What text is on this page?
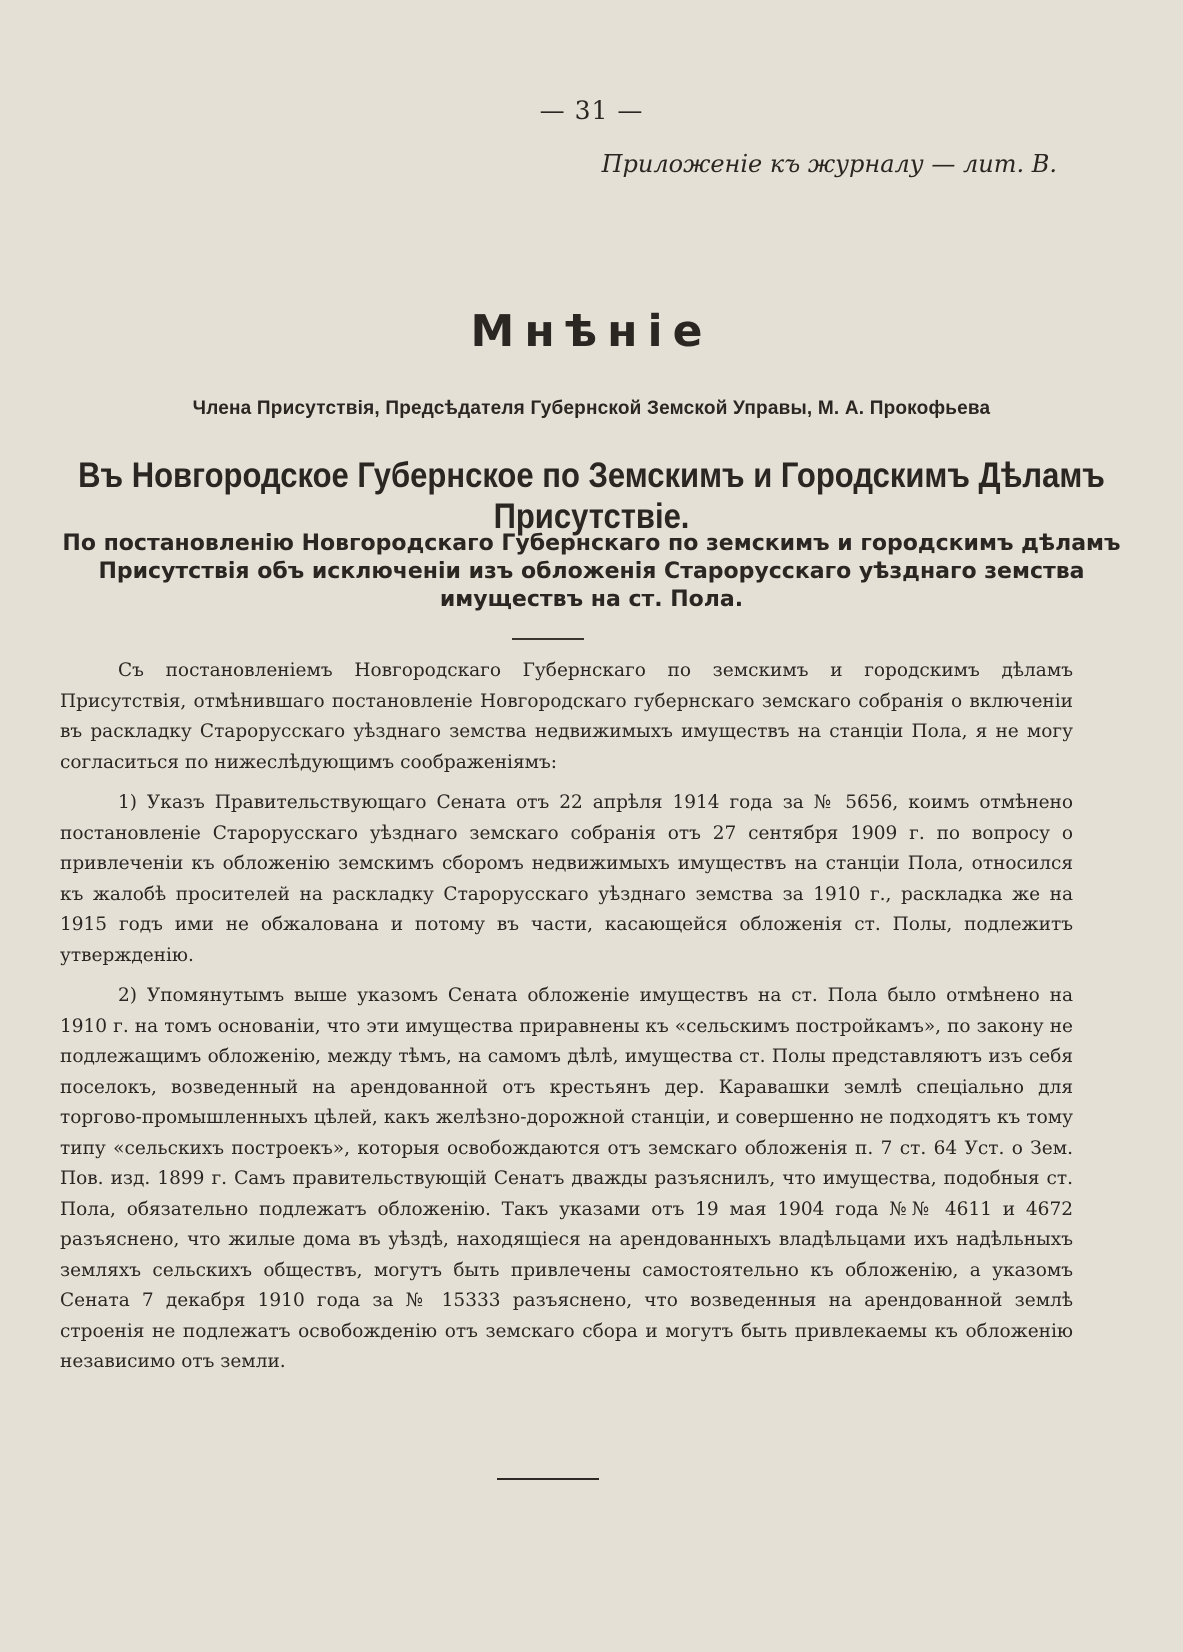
— 31 —
Приложеніе къ журналу — лит. В.
Мнѣніе
Члена Присутствія, Предсѣдателя Губернской Земской Управы, М. А. Прокофьева
Въ Новгородское Губернское по Земскимъ и Городскимъ Дѣламъ Присутствіе.
По постановленію Новгородскаго Губернскаго по земскимъ и городскимъ дѣламъ
Присутствія объ исключеніи изъ обложенія Старорусскаго уѣзднаго земства
имуществъ на ст. Пола.

Съ постановленіемъ Новгородскаго Губернскаго по земскимъ и городскимъ дѣламъ Присутствія, отмѣнившаго постановленіе Новгородскаго губернскаго земскаго собранія о включеніи въ раскладку Старорусскаго уѣзднаго земства недвижимыхъ имуществъ на станціи Пола, я не могу согласиться по нижеслѣдующимъ соображеніямъ:

1) Указъ Правительствующаго Сената отъ 22 апрѣля 1914 года за № 5656, коимъ отмѣнено постановленіе Старорусскаго уѣзднаго земскаго собранія отъ 27 сентября 1909 г. по вопросу о привлеченіи къ обложенію земскимъ сборомъ недвижимыхъ имуществъ на станціи Пола, относился къ жалобѣ просителей на раскладку Старорусскаго уѣзднаго земства за 1910 г., раскладка же на 1915 годъ ими не обжалована и потому въ части, касающейся обложенія ст. Полы, подлежитъ утвержденію.

2) Упомянутымъ выше указомъ Сената обложеніе имуществъ на ст. Пола было отмѣнено на 1910 г. на томъ основаніи, что эти имущества приравнены къ «сельскимъ постройкамъ», по закону не подлежащимъ обложенію, между тѣмъ, на самомъ дѣлѣ, имущества ст. Полы представляютъ изъ себя поселокъ, возведенный на арендованной отъ крестьянъ дер. Каравашки землѣ спеціально для торгово-промышленныхъ цѣлей, какъ желѣзно-дорожной станціи, и совершенно не подходятъ къ тому типу «сельскихъ построекъ», которыя освобождаются отъ земскаго обложенія п. 7 ст. 64 Уст. о Зем. Пов. изд. 1899 г. Самъ правительствующій Сенатъ дважды разъяснилъ, что имущества, подобныя ст. Пола, обязательно подлежатъ обложенію. Такъ указами отъ 19 мая 1904 года №№ 4611 и 4672 разъяснено, что жилые дома въ уѣздѣ, находящіеся на арендованныхъ владѣльцами ихъ надѣльныхъ земляхъ сельскихъ обществъ, могутъ быть привлечены самостоятельно къ обложенію, а указомъ Сената 7 декабря 1910 года за № 15333 разъяснено, что возведенныя на арендованной землѣ строенія не подлежатъ освобожденію отъ земскаго сбора и могутъ быть привлекаемы къ обложенію независимо отъ земли.
